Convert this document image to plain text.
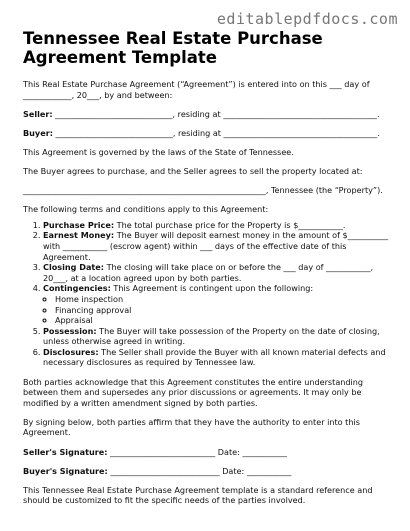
editablepdfdocs.com
Tennessee Real Estate Purchase Agreement Template

This Real Estate Purchase Agreement (“Agreement”) is entered into on this ___ day of ____________, 20___, by and between:

Seller: _____________________________, residing at ______________________________________.

Buyer: _____________________________, residing at ______________________________________.

This Agreement is governed by the laws of the State of Tennessee.

The Buyer agrees to purchase, and the Seller agrees to sell the property located at:

____________________________________________________________, Tennessee (the “Property”).

The following terms and conditions apply to this Agreement:

1. Purchase Price: The total purchase price for the Property is $___________.
2. Earnest Money: The Buyer will deposit earnest money in the amount of $__________ with ___________ (escrow agent) within ___ days of the effective date of this Agreement.
3. Closing Date: The closing will take place on or before the ___ day of ___________, 20___, at a location agreed upon by both parties.
4. Contingencies: This Agreement is contingent upon the following:
◦ Home inspection
◦ Financing approval
◦ Appraisal
5. Possession: The Buyer will take possession of the Property on the date of closing, unless otherwise agreed in writing.
6. Disclosures: The Seller shall provide the Buyer with all known material defects and necessary disclosures as required by Tennessee law.

Both parties acknowledge that this Agreement constitutes the entire understanding between them and supersedes any prior discussions or agreements. It may only be modified by a written amendment signed by both parties.

By signing below, both parties affirm that they have the authority to enter into this Agreement.

Seller's Signature: __________________________ Date: ___________

Buyer's Signature: ___________________________ Date: ___________

This Tennessee Real Estate Purchase Agreement template is a standard reference and should be customized to fit the specific needs of the parties involved.
